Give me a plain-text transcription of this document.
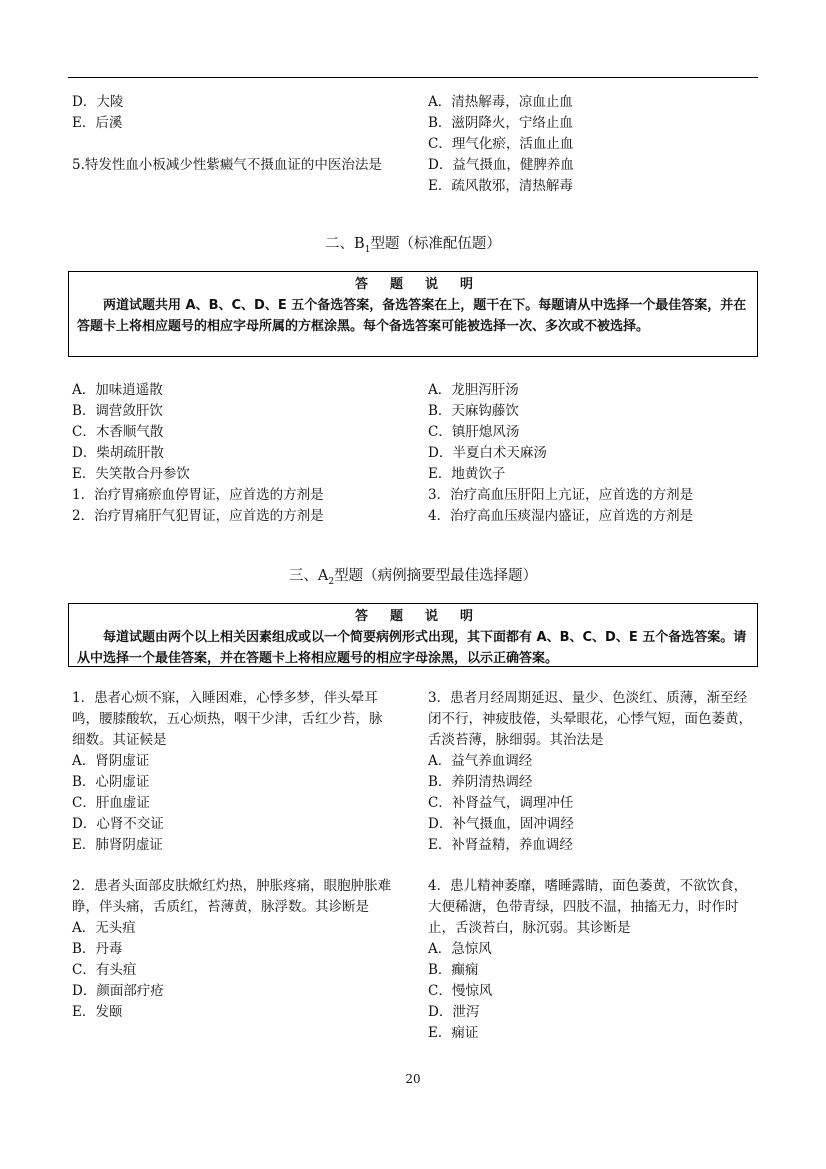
D．大陵
E．后溪
5.特发性血小板减少性紫癜气不摄血证的中医治法是
A．清热解毒，凉血止血
B．滋阴降火，宁络止血
C．理气化瘀，活血止血
D．益气摄血，健脾养血
E．疏风散邪，清热解毒
二、$B_1$型题（标准配伍题）
答题说明
两道试题共用 A、B、C、D、E 五个备选答案，备选答案在上，题干在下。每题请从中选择一个最佳答案，并在答题卡上将相应题号的相应字母所属的方框涂黑。每个备选答案可能被选择一次、多次或不被选择。
A．加味逍遥散
B．调营敛肝饮
C．木香顺气散
D．柴胡疏肝散
E．失笑散合丹参饮
1．治疗胃痛瘀血停胃证，应首选的方剂是
2．治疗胃痛肝气犯胃证，应首选的方剂是
A．龙胆泻肝汤
B．天麻钩藤饮
C．镇肝熄风汤
D．半夏白术天麻汤
E．地黄饮子
3．治疗高血压肝阳上亢证，应首选的方剂是
4．治疗高血压痰湿内盛证，应首选的方剂是
三、$A_2$型题（病例摘要型最佳选择题）
答题说明
每道试题由两个以上相关因素组成或以一个简要病例形式出现，其下面都有 A、B、C、D、E 五个备选答案。请从中选择一个最佳答案，并在答题卡上将相应题号的相应字母涂黑，以示正确答案。
1．患者心烦不寐，入睡困难，心悸多梦，伴头晕耳鸣，腰膝酸软，五心烦热，咽干少津，舌红少苔，脉细数。其证候是
A．肾阴虚证
B．心阴虚证
C．肝血虚证
D．心肾不交证
E．肺肾阴虚证
2．患者头面部皮肤焮红灼热，肿胀疼痛，眼胞肿胀难睁，伴头痛，舌质红，苔薄黄，脉浮数。其诊断是
A．无头疽
B．丹毒
C．有头疽
D．颜面部疔疮
E．发颐
3．患者月经周期延迟、量少、色淡红、质薄，渐至经闭不行，神疲肢倦，头晕眼花，心悸气短，面色萎黄，舌淡苔薄，脉细弱。其治法是
A．益气养血调经
B．养阴清热调经
C．补肾益气，调理冲任
D．补气摄血，固冲调经
E．补肾益精，养血调经
4．患儿精神萎靡，嗜睡露睛，面色萎黄，不欲饮食，大便稀溏，色带青绿，四肢不温，抽搐无力，时作时止，舌淡苔白，脉沉弱。其诊断是
A．急惊风
B．癫痫
C．慢惊风
D．泄泻
E．痫证
20
